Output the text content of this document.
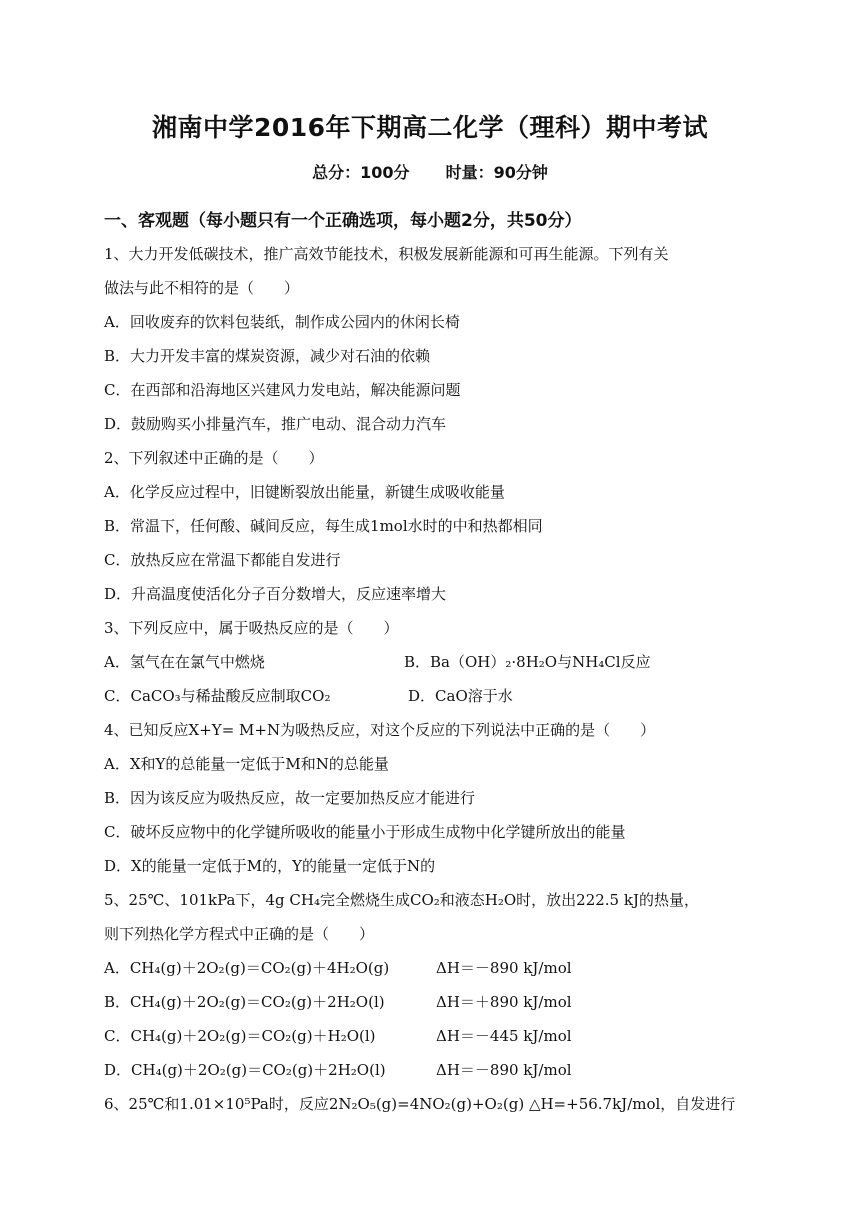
湘南中学2016年下期高二化学（理科）期中考试
总分：100分 时量：90分钟
一、客观题（每小题只有一个正确选项，每小题2分，共50分）
1、大力开发低碳技术，推广高效节能技术，积极发展新能源和可再生能源。下列有关
做法与此不相符的是（　　）
A．回收废弃的饮料包装纸，制作成公园内的休闲长椅
B．大力开发丰富的煤炭资源，减少对石油的依赖
C．在西部和沿海地区兴建风力发电站，解决能源问题
D．鼓励购买小排量汽车，推广电动、混合动力汽车
2、下列叙述中正确的是（　　）
A．化学反应过程中，旧键断裂放出能量，新键生成吸收能量
B．常温下，任何酸、碱间反应，每生成1mol水时的中和热都相同
C．放热反应在常温下都能自发进行
D．升高温度使活化分子百分数增大，反应速率增大
3、下列反应中，属于吸热反应的是（　　）
A．氢气在在氯气中燃烧	B．Ba（OH）₂·8H₂O与NH₄Cl反应
C．CaCO₃与稀盐酸反应制取CO₂	D．CaO溶于水
4、已知反应X+Y= M+N为吸热反应，对这个反应的下列说法中正确的是（　　）
A．X和Y的总能量一定低于M和N的总能量
B．因为该反应为吸热反应，故一定要加热反应才能进行
C．破坏反应物中的化学键所吸收的能量小于形成生成物中化学键所放出的能量
D．X的能量一定低于M的，Y的能量一定低于N的
5、25℃、101kPa下，4g CH₄完全燃烧生成CO₂和液态H₂O时，放出222.5 kJ的热量，
则下列热化学方程式中正确的是（　　）
A．CH₄(g)＋2O₂(g)＝CO₂(g)＋4H₂O(g)	ΔH＝－890 kJ/mol
B．CH₄(g)＋2O₂(g)＝CO₂(g)＋2H₂O(l)	ΔH＝＋890 kJ/mol
C．CH₄(g)＋2O₂(g)＝CO₂(g)＋H₂O(l)	ΔH＝－445 kJ/mol
D．CH₄(g)＋2O₂(g)＝CO₂(g)＋2H₂O(l)	ΔH＝－890 kJ/mol
6、25℃和1.01×10⁵Pa时，反应2N₂O₅(g)=4NO₂(g)+O₂(g) △H=+56.7kJ/mol，自发进行
